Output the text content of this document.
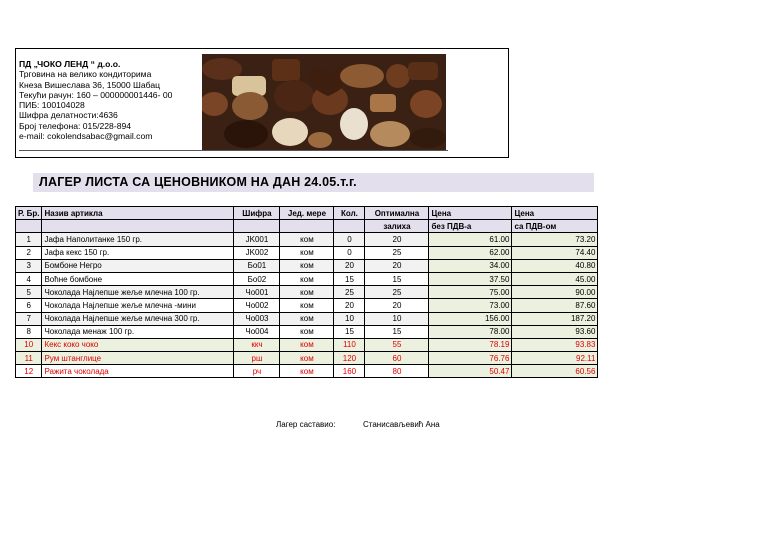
ПД „ЧОКО ЛЕНД “ д.о.о.
Трговина на велико кондиторима
Кнеза Вишеслава 36, 15000 Шабац
Текући рачун: 160 – 000000001446- 00
ПИБ: 100104028
Шифра делатности:4636
Број телефона: 015/228-894
e-mail: cokolendsabac@gmail.com
ЛАГЕР ЛИСТА СА ЦЕНОВНИКОМ НА ДАН 24.05.т.г.
Р. Бр.	Назив артикла	Шифра	Јед. мере	Кол.	Оптимална	Цена	Цена
					залиха	без ПДВ-а	са ПДВ-ом
1	Јафа Наполитанке 150 гр.	JK001	ком	0	20	61.00	73.20
2	Јафа кекс 150 гр.	JK002	ком	0	25	62.00	74.40
3	Бомбоне Негро	Бо01	ком	20	20	34.00	40.80
4	Воћне бомбоне	Бо02	ком	15	15	37.50	45.00
5	Чоколада Најлепше жеље млечна 100 гр.	Чо001	ком	25	25	75.00	90.00
6	Чоколада Најлепше жеље млечна -мини	Чо002	ком	20	20	73.00	87.60
7	Чоколада Најлепше жеље млечна 300 гр.	Чо003	ком	10	10	156.00	187.20
8	Чоколада менаж 100 гр.	Чо004	ком	15	15	78.00	93.60
10	Кекс коко чоко	ккч	ком	110	55	78.19	93.83
11	Рум штанглице	рш	ком	120	60	76.76	92.11
12	Ражита чоколада	рч	ком	160	80	50.47	60.56
Лагер саставио:	Станисављевић Ана
